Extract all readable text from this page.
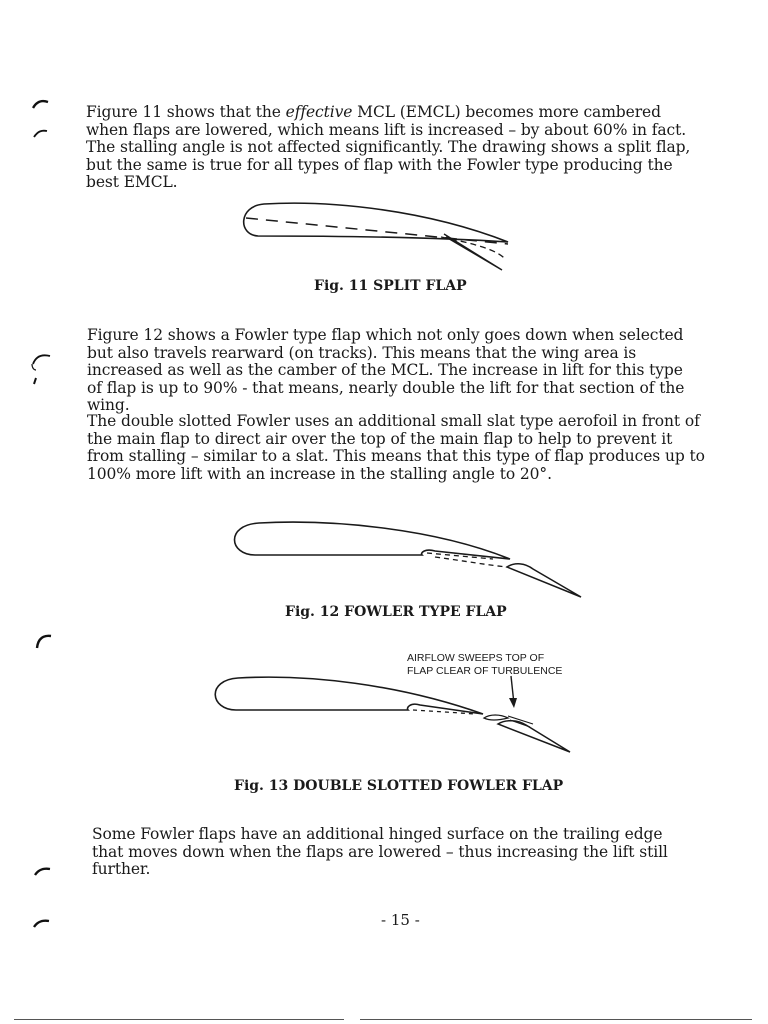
Figure 11 shows that the effective MCL (EMCL) becomes more cambered when flaps are lowered, which means lift is increased – by about 60% in fact. The stalling angle is not affected significantly. The drawing shows a split flap, but the same is true for all types of flap with the Fowler type producing the best EMCL.

Fig. 11 SPLIT FLAP

Figure 12 shows a Fowler type flap which not only goes down when selected but also travels rearward (on tracks). This means that the wing area is increased as well as the camber of the MCL. The increase in lift for this type of flap is up to 90% - that means, nearly double the lift for that section of the wing.

The double slotted Fowler uses an additional small slat type aerofoil in front of the main flap to direct air over the top of the main flap to help to prevent it from stalling – similar to a slat. This means that this type of flap produces up to 100% more lift with an increase in the stalling angle to 20°.

Fig. 12 FOWLER TYPE FLAP

AIRFLOW SWEEPS TOP OF
FLAP CLEAR OF TURBULENCE

Fig. 13 DOUBLE SLOTTED FOWLER FLAP

Some Fowler flaps have an additional hinged surface on the trailing edge that moves down when the flaps are lowered – thus increasing the lift still further.

- 15 -
